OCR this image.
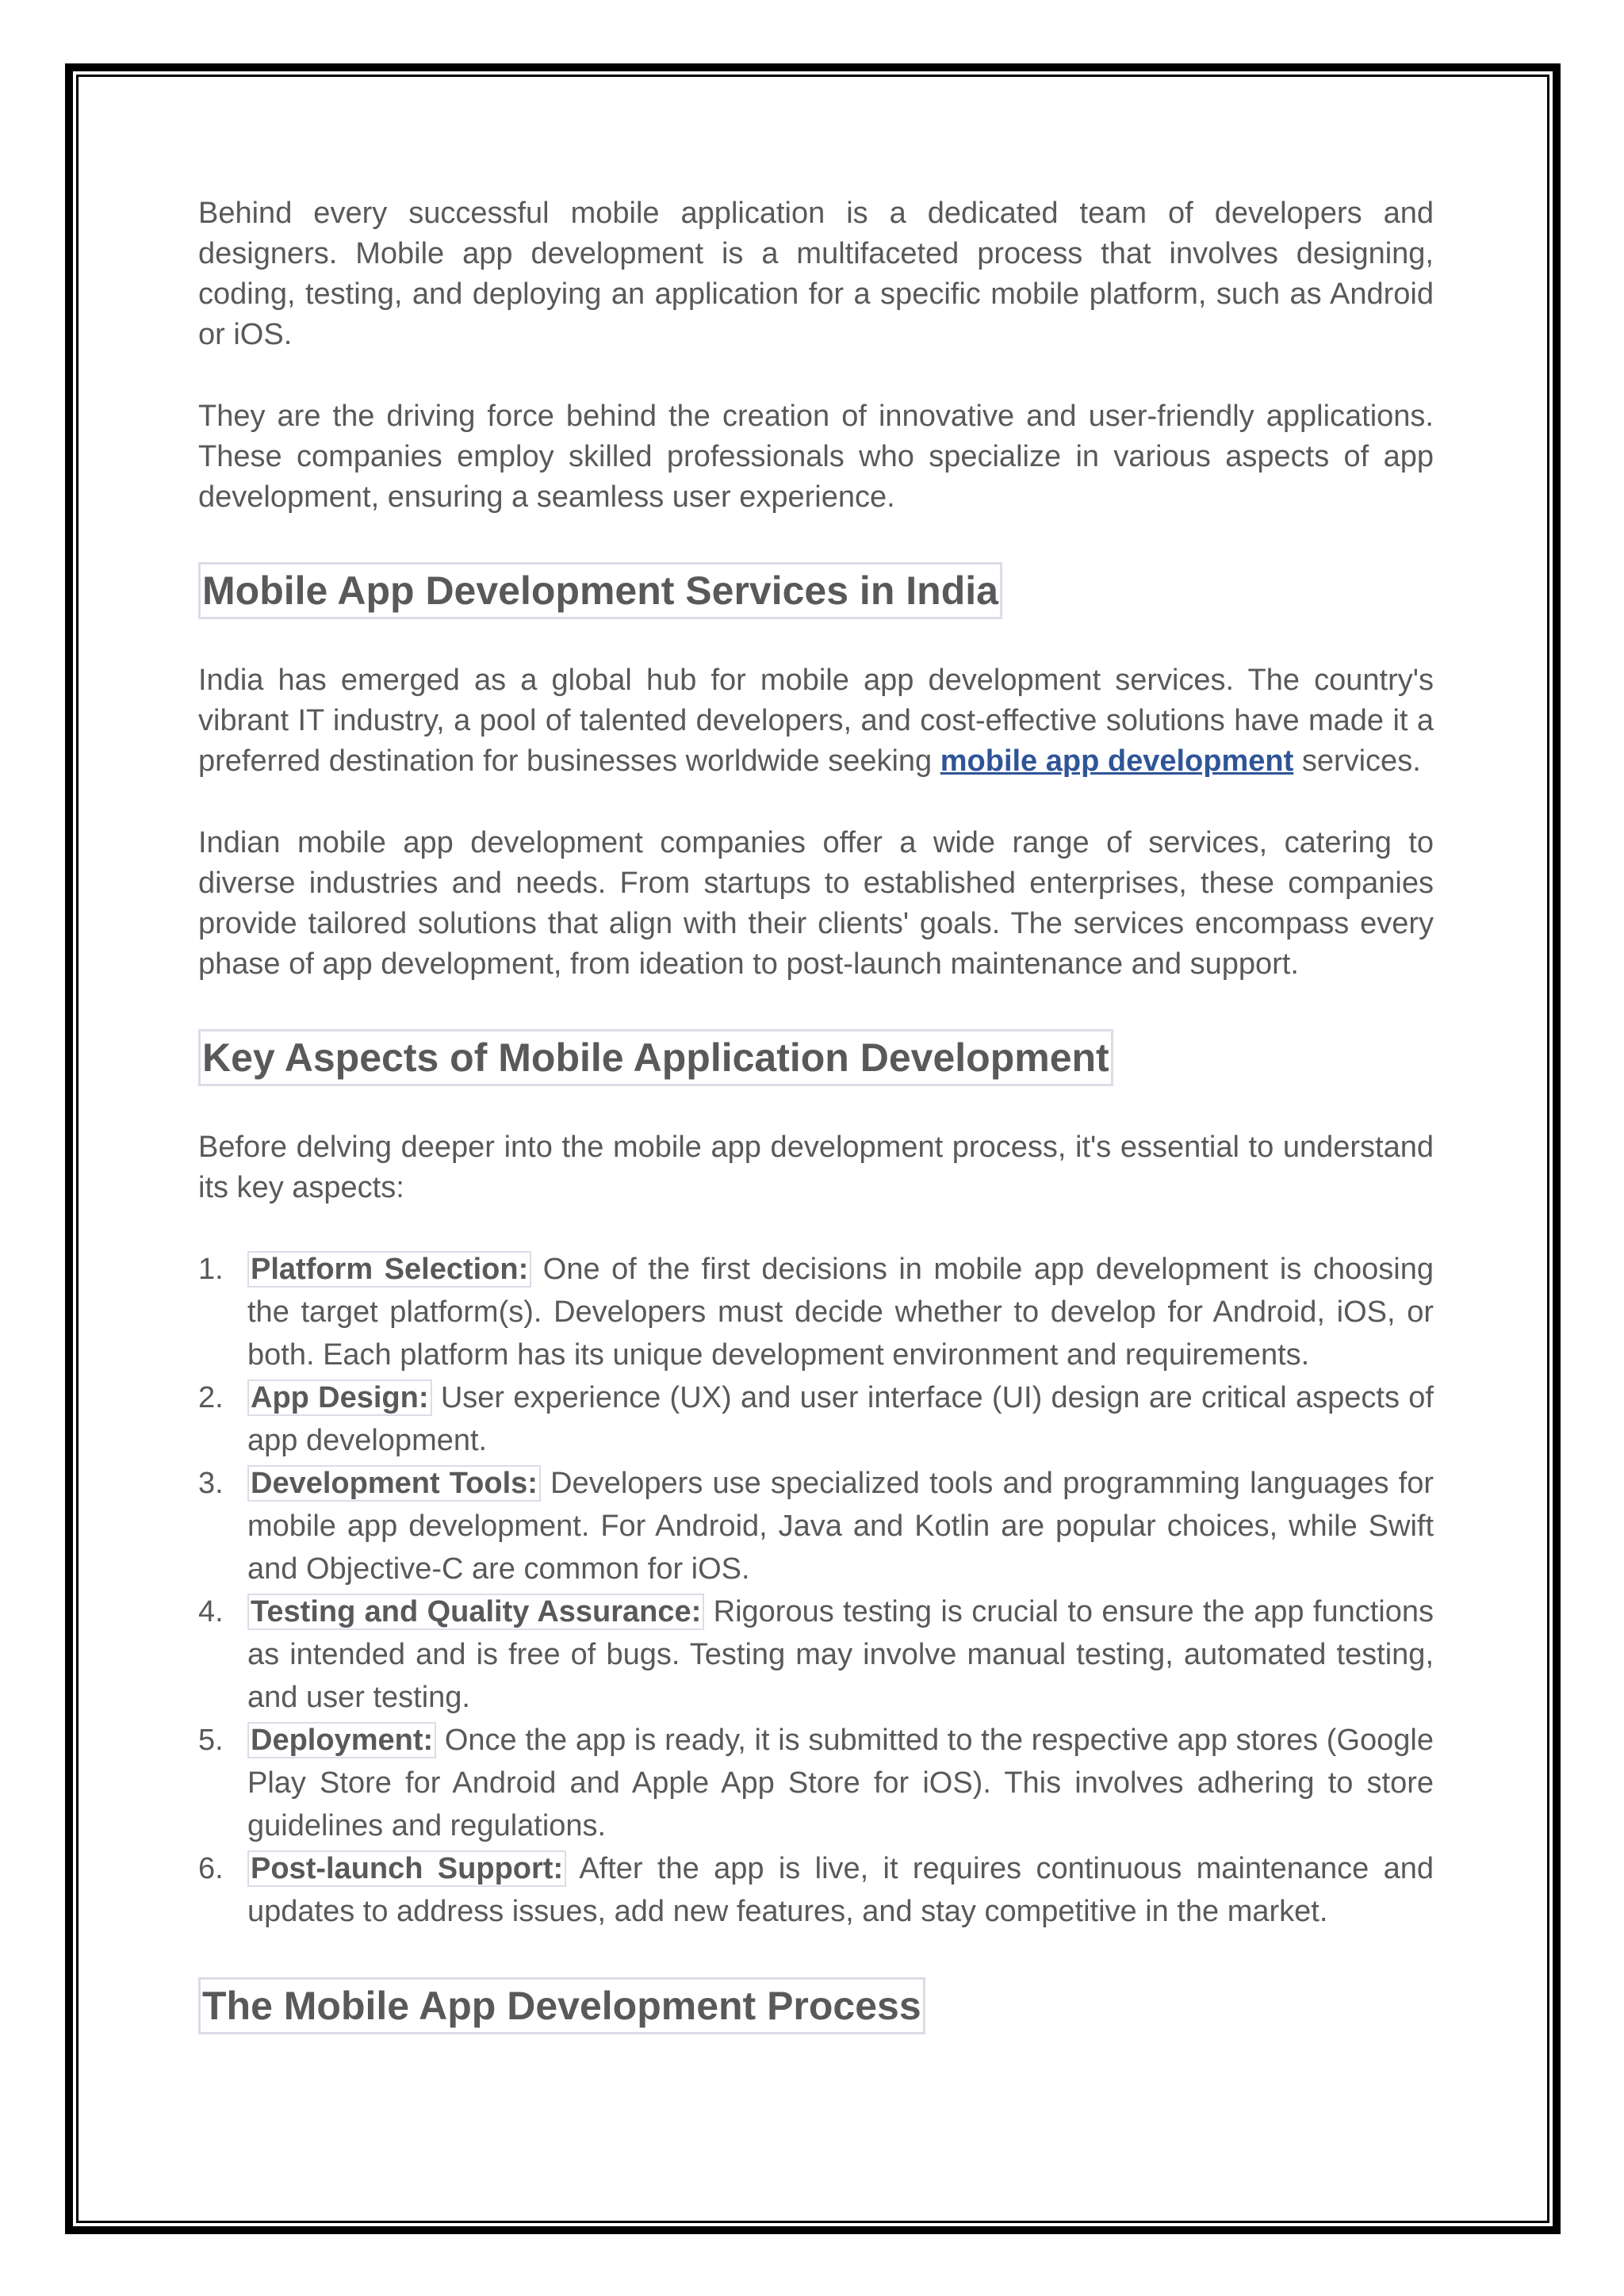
Behind every successful mobile application is a dedicated team of developers and designers. Mobile app development is a multifaceted process that involves designing, coding, testing, and deploying an application for a specific mobile platform, such as Android or iOS.

They are the driving force behind the creation of innovative and user-friendly applications. These companies employ skilled professionals who specialize in various aspects of app development, ensuring a seamless user experience.

Mobile App Development Services in India

India has emerged as a global hub for mobile app development services. The country's vibrant IT industry, a pool of talented developers, and cost-effective solutions have made it a preferred destination for businesses worldwide seeking mobile app development services.

Indian mobile app development companies offer a wide range of services, catering to diverse industries and needs. From startups to established enterprises, these companies provide tailored solutions that align with their clients' goals. The services encompass every phase of app development, from ideation to post-launch maintenance and support.

Key Aspects of Mobile Application Development

Before delving deeper into the mobile app development process, it's essential to understand its key aspects:

1. Platform Selection: One of the first decisions in mobile app development is choosing the target platform(s). Developers must decide whether to develop for Android, iOS, or both. Each platform has its unique development environment and requirements.
2. App Design: User experience (UX) and user interface (UI) design are critical aspects of app development.
3. Development Tools: Developers use specialized tools and programming languages for mobile app development. For Android, Java and Kotlin are popular choices, while Swift and Objective-C are common for iOS.
4. Testing and Quality Assurance: Rigorous testing is crucial to ensure the app functions as intended and is free of bugs. Testing may involve manual testing, automated testing, and user testing.
5. Deployment: Once the app is ready, it is submitted to the respective app stores (Google Play Store for Android and Apple App Store for iOS). This involves adhering to store guidelines and regulations.
6. Post-launch Support: After the app is live, it requires continuous maintenance and updates to address issues, add new features, and stay competitive in the market.
The Mobile App Development Process
